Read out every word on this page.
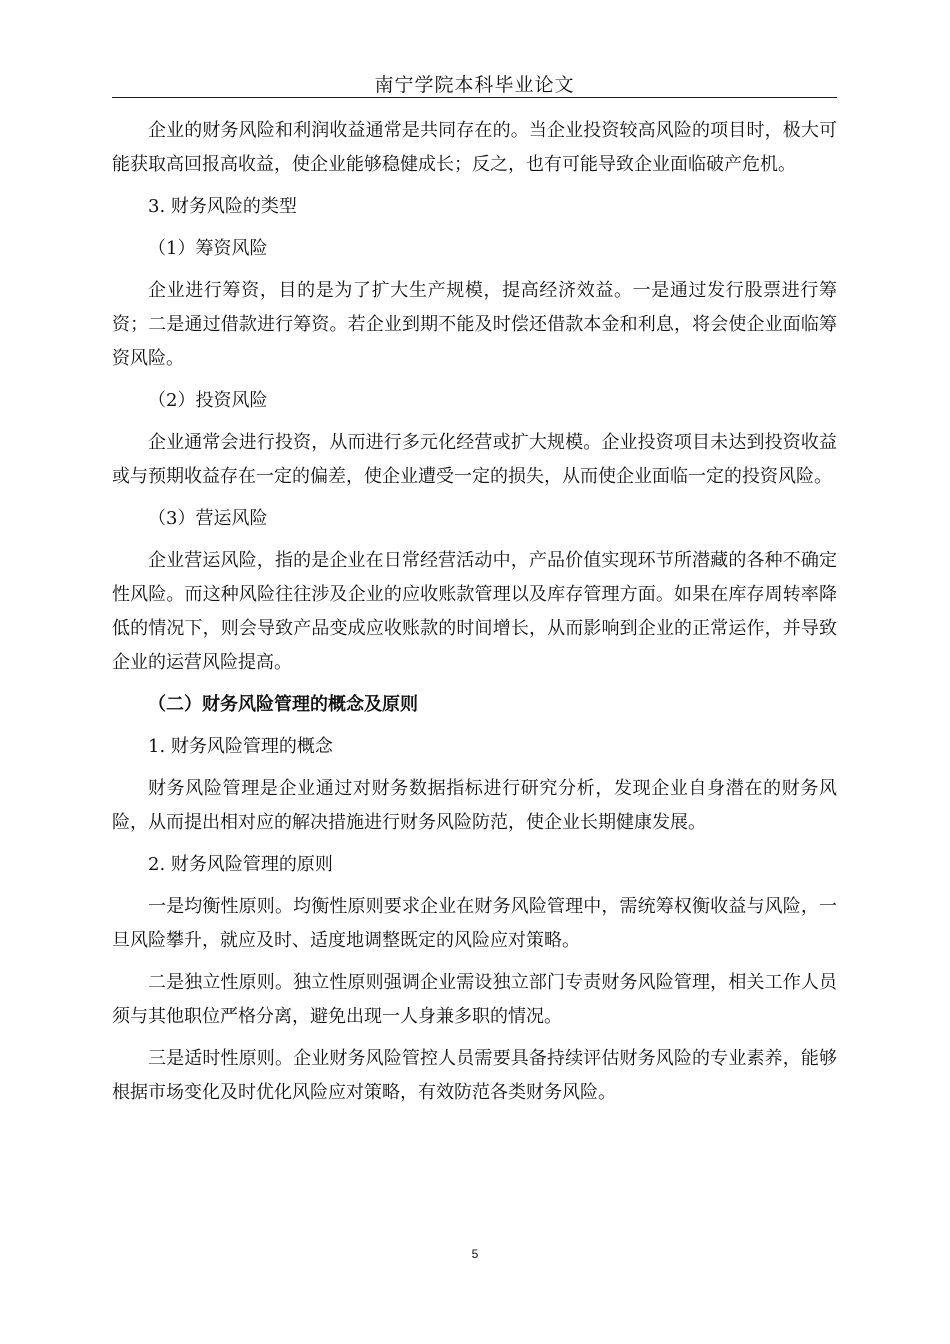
南宁学院本科毕业论文

企业的财务风险和利润收益通常是共同存在的。当企业投资较高风险的项目时，极大可能获取高回报高收益，使企业能够稳健成长；反之，也有可能导致企业面临破产危机。

3. 财务风险的类型

（1）筹资风险

企业进行筹资，目的是为了扩大生产规模，提高经济效益。一是通过发行股票进行筹资；二是通过借款进行筹资。若企业到期不能及时偿还借款本金和利息，将会使企业面临筹资风险。

（2）投资风险

企业通常会进行投资，从而进行多元化经营或扩大规模。企业投资项目未达到投资收益或与预期收益存在一定的偏差，使企业遭受一定的损失，从而使企业面临一定的投资风险。

（3）营运风险

企业营运风险，指的是企业在日常经营活动中，产品价值实现环节所潜藏的各种不确定性风险。而这种风险往往涉及企业的应收账款管理以及库存管理方面。如果在库存周转率降低的情况下，则会导致产品变成应收账款的时间增长，从而影响到企业的正常运作，并导致企业的运营风险提高。

（二）财务风险管理的概念及原则

1. 财务风险管理的概念

财务风险管理是企业通过对财务数据指标进行研究分析，发现企业自身潜在的财务风险，从而提出相对应的解决措施进行财务风险防范，使企业长期健康发展。

2. 财务风险管理的原则

一是均衡性原则。均衡性原则要求企业在财务风险管理中，需统筹权衡收益与风险，一旦风险攀升，就应及时、适度地调整既定的风险应对策略。

二是独立性原则。独立性原则强调企业需设独立部门专责财务风险管理，相关工作人员须与其他职位严格分离，避免出现一人身兼多职的情况。

三是适时性原则。企业财务风险管控人员需要具备持续评估财务风险的专业素养，能够根据市场变化及时优化风险应对策略，有效防范各类财务风险。

5
